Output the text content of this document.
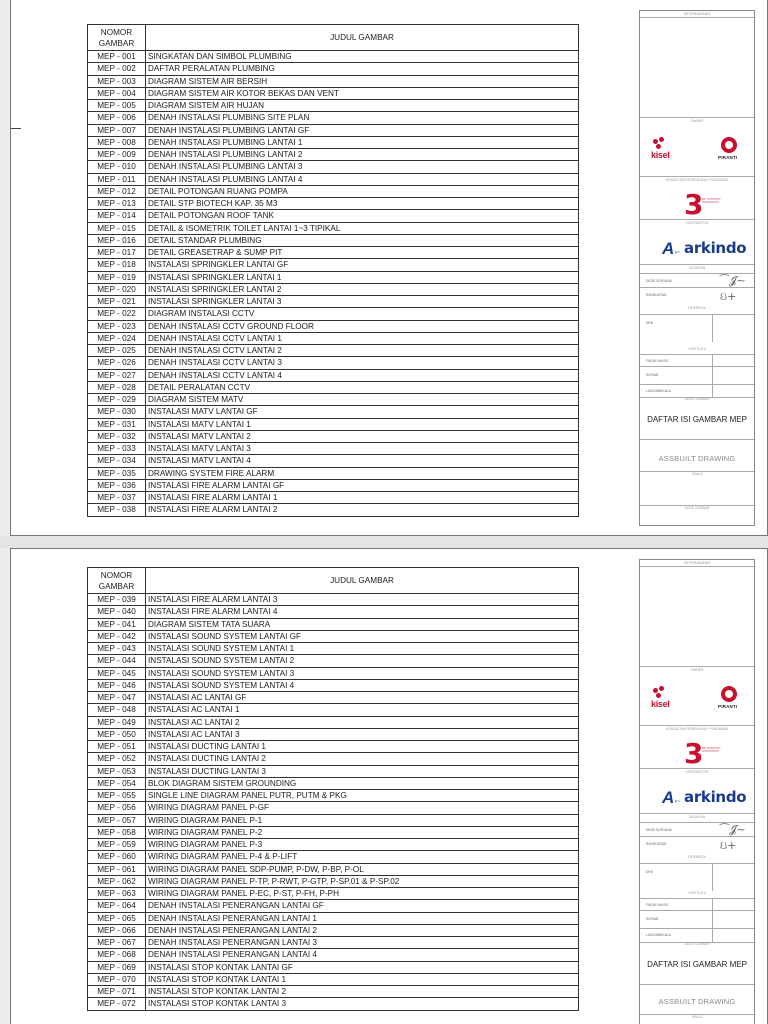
NOMOR
GAMBAR	JUDUL GAMBAR
MEP - 001	SINGKATAN DAN SIMBOL PLUMBING
MEP - 002	DAFTAR PERALATAN PLUMBING
MEP - 003	DIAGRAM SISTEM AIR BERSIH
MEP - 004	DIAGRAM SISTEM AIR KOTOR BEKAS DAN VENT
MEP - 005	DIAGRAM SISTEM AIR HUJAN
MEP - 006	DENAH INSTALASI PLUMBING SITE PLAN
MEP - 007	DENAH INSTALASI PLUMBING LANTAI GF
MEP - 008	DENAH INSTALASI PLUMBING LANTAI 1
MEP - 009	DENAH INSTALASI PLUMBING LANTAI 2
MEP - 010	DENAH INSTALASI PLUMBING LANTAI 3
MEP - 011	DENAH INSTALASI PLUMBING LANTAI 4
MEP - 012	DETAIL POTONGAN RUANG POMPA
MEP - 013	DETAIL STP BIOTECH KAP. 35 M3
MEP - 014	DETAIL POTONGAN ROOF TANK
MEP - 015	DETAIL & ISOMETRIK TOILET LANTAI 1~3 TIPIKAL
MEP - 016	DETAIL STANDAR PLUMBING
MEP - 017	DETAIL GREASETRAP & SUMP PIT
MEP - 018	INSTALASI SPRINGKLER LANTAI GF
MEP - 019	INSTALASI SPRINGKLER LANTAI 1
MEP - 020	INSTALASI SPRINGKLER LANTAI 2
MEP - 021	INSTALASI SPRINGKLER LANTAI 3
MEP - 022	DIAGRAM INSTALASI CCTV
MEP - 023	DENAH INSTALASI CCTV GROUND FLOOR
MEP - 024	DENAH INSTALASI CCTV LANTAI 1
MEP - 025	DENAH INSTALASI CCTV LANTAI 2
MEP - 026	DENAH INSTALASI CCTV LANTAI 3
MEP - 027	DENAH INSTALASI CCTV LANTAI 4
MEP - 028	DETAIL PERALATAN CCTV
MEP - 029	DIAGRAM SISTEM MATV
MEP - 030	INSTALASI MATV LANTAI GF
MEP - 031	INSTALASI MATV LANTAI 1
MEP - 032	INSTALASI MATV LANTAI 2
MEP - 033	INSTALASI MATV LANTAI 3
MEP - 034	INSTALASI MATV LANTAI 4
MEP - 035	DRAWING SYSTEM FIRE ALARM
MEP - 036	INSTALASI FIRE ALARM LANTAI GF
MEP - 037	INSTALASI FIRE ALARM LANTAI 1
MEP - 038	INSTALASI FIRE ALARM LANTAI 2
KETERANGAN
OWNER
kisel	PIRANTI
KONSULTAN PERENCANA / PENGAWAS
3
PT. ━━━━━━━━
━━━━━━━━━━
KONTRAKTOR
A p.t. arkindo
DIAJUKAN
DEDE SURYANA	⁀𝓙~
RAYMUNTAN	ઇ+
DIPERIKSA
DRK
DISETUJUI
FIRJAY ANGGI
IKHSAN
LUKA MAKKALA
JUDUL GAMBAR
DAFTAR ISI GAMBAR MEP
ASSBUILT DRAWING
SKALA
KODE GAMBAR
NOMOR
GAMBAR	JUDUL GAMBAR
MEP - 039	INSTALASI FIRE ALARM LANTAI 3
MEP - 040	INSTALASI FIRE ALARM LANTAI 4
MEP - 041	DIAGRAM SISTEM TATA SUARA
MEP - 042	INSTALASI SOUND SYSTEM LANTAI GF
MEP - 043	INSTALASI SOUND SYSTEM LANTAI 1
MEP - 044	INSTALASI SOUND SYSTEM LANTAI 2
MEP - 045	INSTALASI SOUND SYSTEM LANTAI 3
MEP - 046	INSTALASI SOUND SYSTEM LANTAI 4
MEP - 047	INSTALASI AC LANTAI GF
MEP - 048	INSTALASI AC LANTAI 1
MEP - 049	INSTALASI AC LANTAI 2
MEP - 050	INSTALASI AC LANTAI 3
MEP - 051	INSTALASI DUCTING LANTAI 1
MEP - 052	INSTALASI DUCTING LANTAI 2
MEP - 053	INSTALASI DUCTING LANTAI 3
MEP - 054	BLOK DIAGRAM SISTEM GROUNDING
MEP - 055	SINGLE LINE DIAGRAM PANEL PUTR, PUTM & PKG
MEP - 056	WIRING DIAGRAM PANEL P-GF
MEP - 057	WIRING DIAGRAM PANEL P-1
MEP - 058	WIRING DIAGRAM PANEL P-2
MEP - 059	WIRING DIAGRAM PANEL P-3
MEP - 060	WIRING DIAGRAM PANEL P-4 & P-LIFT
MEP - 061	WIRING DIAGRAM PANEL SDP-PUMP, P-DW, P-BP, P-OL
MEP - 062	WIRING DIAGRAM PANEL P-TP, P-RWT, P-GTP, P-SP.01 & P-SP.02
MEP - 063	WIRING DIAGRAM PANEL P-EC, P-ST, P-FH, P-PH
MEP - 064	DENAH INSTALASI PENERANGAN LANTAI GF
MEP - 065	DENAH INSTALASI PENERANGAN LANTAI 1
MEP - 066	DENAH INSTALASI PENERANGAN LANTAI 2
MEP - 067	DENAH INSTALASI PENERANGAN LANTAI 3
MEP - 068	DENAH INSTALASI PENERANGAN LANTAI 4
MEP - 069	INSTALASI STOP KONTAK LANTAI GF
MEP - 070	INSTALASI STOP KONTAK LANTAI 1
MEP - 071	INSTALASI STOP KONTAK LANTAI 2
MEP - 072	INSTALASI STOP KONTAK LANTAI 3
KETERANGAN
OWNER
kisel	PIRANTI
KONSULTAN PERENCANA / PENGAWAS
3
PT. ━━━━━━━━
━━━━━━━━━━
KONTRAKTOR
A p.t. arkindo
DIAJUKAN
DEDE SURYANA	⁀𝓙~
RAYMUNTAN	ઇ+
DIPERIKSA
DRK
DISETUJUI
FIRJAY ANGGI
IKHSAN
LUKA MAKKALA
JUDUL GAMBAR
DAFTAR ISI GAMBAR MEP
ASSBUILT DRAWING
SKALA
